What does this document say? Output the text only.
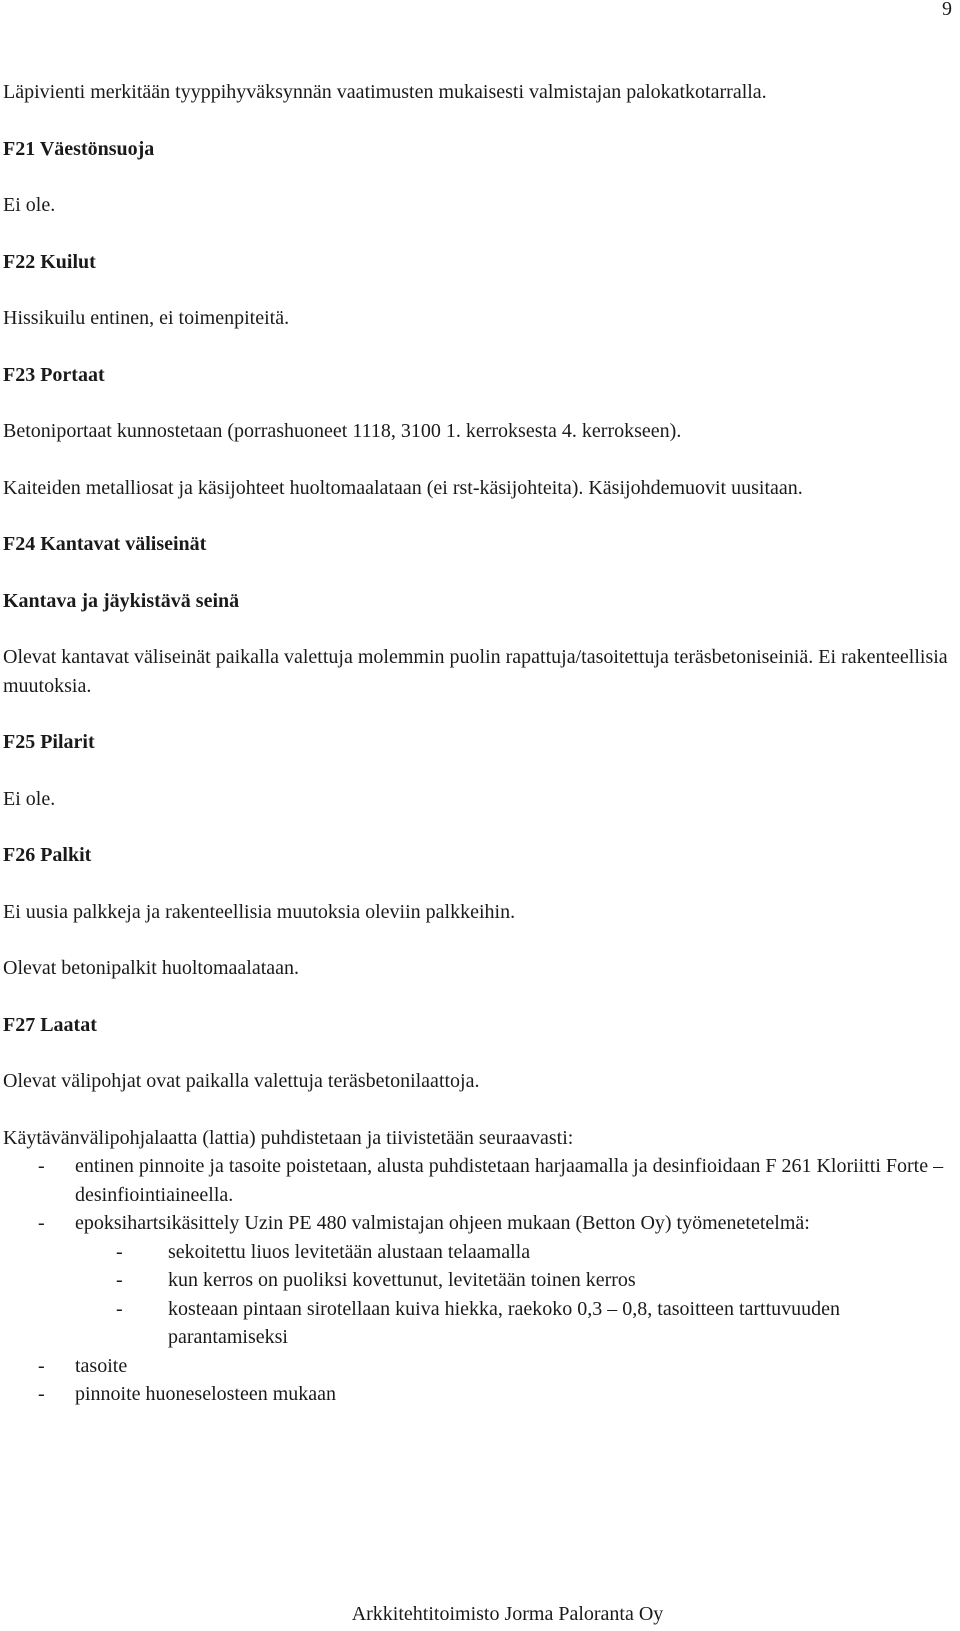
9

Läpivienti merkitään tyyppihyväksynnän vaatimusten mukaisesti valmistajan palokatkotarralla.

F21 Väestönsuoja

Ei ole.

F22 Kuilut

Hissikuilu entinen, ei toimenpiteitä.

F23 Portaat

Betoniportaat kunnostetaan (porrashuoneet 1118, 3100 1. kerroksesta 4. kerrokseen).

Kaiteiden metalliosat ja käsijohteet huoltomaalataan (ei rst-käsijohteita). Käsijohdemuovit uusitaan.

F24 Kantavat väliseinät

Kantava ja jäykistävä seinä

Olevat kantavat väliseinät paikalla valettuja molemmin puolin rapattuja/tasoitettuja teräsbetoniseiniä. Ei rakenteellisia muutoksia.

F25 Pilarit

Ei ole.

F26 Palkit

Ei uusia palkkeja ja rakenteellisia muutoksia oleviin palkkeihin.

Olevat betonipalkit huoltomaalataan.

F27 Laatat

Olevat välipohjat ovat paikalla valettuja teräsbetonilaattoja.

Käytävänvälipohjalaatta (lattia) puhdistetaan ja tiivistetään seuraavasti:

-	entinen pinnoite ja tasoite poistetaan, alusta puhdistetaan harjaamalla ja desinfioidaan F 261 Kloriitti Forte –desinfiointiaineella.
-	epoksihartsikäsittely Uzin PE 480 valmistajan ohjeen mukaan (Betton Oy) työmenetetelmä:
-	sekoitettu liuos levitetään alustaan telaamalla
-	kun kerros on puoliksi kovettunut, levitetään toinen kerros
-	kosteaan pintaan sirotellaan kuiva hiekka, raekoko 0,3 – 0,8, tasoitteen tarttuvuuden parantamiseksi
-	tasoite
-	pinnoite huoneselosteen mukaan
Arkkitehtitoimisto Jorma Paloranta Oy
